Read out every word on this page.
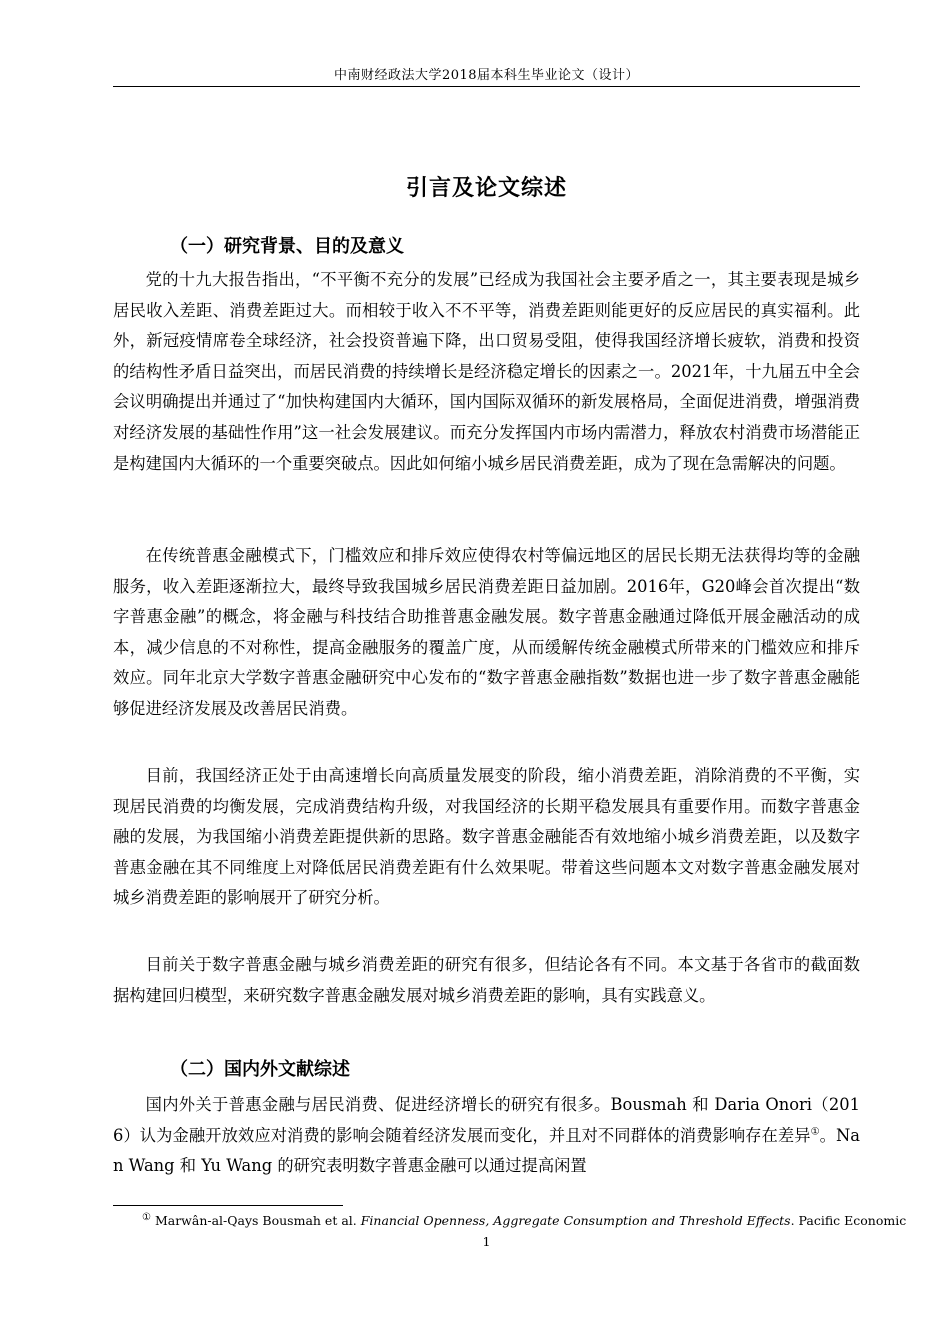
中南财经政法大学2018届本科生毕业论文（设计）
引言及论文综述
（一）研究背景、目的及意义

党的十九大报告指出，“不平衡不充分的发展”已经成为我国社会主要矛盾之一，其主要表现是城乡居民收入差距、消费差距过大。而相较于收入不不平等，消费差距则能更好的反应居民的真实福利。此外，新冠疫情席卷全球经济，社会投资普遍下降，出口贸易受阻，使得我国经济增长疲软，消费和投资的结构性矛盾日益突出，而居民消费的持续增长是经济稳定增长的因素之一。2021年，十九届五中全会会议明确提出并通过了“加快构建国内大循环，国内国际双循环的新发展格局，全面促进消费，增强消费对经济发展的基础性作用”这一社会发展建议。而充分发挥国内市场内需潜力，释放农村消费市场潜能正是构建国内大循环的一个重要突破点。因此如何缩小城乡居民消费差距，成为了现在急需解决的问题。

在传统普惠金融模式下，门槛效应和排斥效应使得农村等偏远地区的居民长期无法获得均等的金融服务，收入差距逐渐拉大，最终导致我国城乡居民消费差距日益加剧。2016年，G20峰会首次提出“数字普惠金融”的概念，将金融与科技结合助推普惠金融发展。数字普惠金融通过降低开展金融活动的成本，减少信息的不对称性，提高金融服务的覆盖广度，从而缓解传统金融模式所带来的门槛效应和排斥效应。同年北京大学数字普惠金融研究中心发布的“数字普惠金融指数”数据也进一步了数字普惠金融能够促进经济发展及改善居民消费。

目前，我国经济正处于由高速增长向高质量发展变的阶段，缩小消费差距，消除消费的不平衡，实现居民消费的均衡发展，完成消费结构升级，对我国经济的长期平稳发展具有重要作用。而数字普惠金融的发展，为我国缩小消费差距提供新的思路。数字普惠金融能否有效地缩小城乡消费差距，以及数字普惠金融在其不同维度上对降低居民消费差距有什么效果呢。带着这些问题本文对数字普惠金融发展对城乡消费差距的影响展开了研究分析。

目前关于数字普惠金融与城乡消费差距的研究有很多，但结论各有不同。本文基于各省市的截面数据构建回归模型，来研究数字普惠金融发展对城乡消费差距的影响，具有实践意义。

（二）国内外文献综述

国内外关于普惠金融与居民消费、促进经济增长的研究有很多。Bousmah 和 Daria Onori（2016）认为金融开放效应对消费的影响会随着经济发展而变化，并且对不同群体的消费影响存在差异①。Nan Wang 和 Yu Wang 的研究表明数字普惠金融可以通过提高闲置

① Marwân-al-Qays Bousmah et al. Financial Openness, Aggregate Consumption and Threshold Effects. Pacific Economic
1
